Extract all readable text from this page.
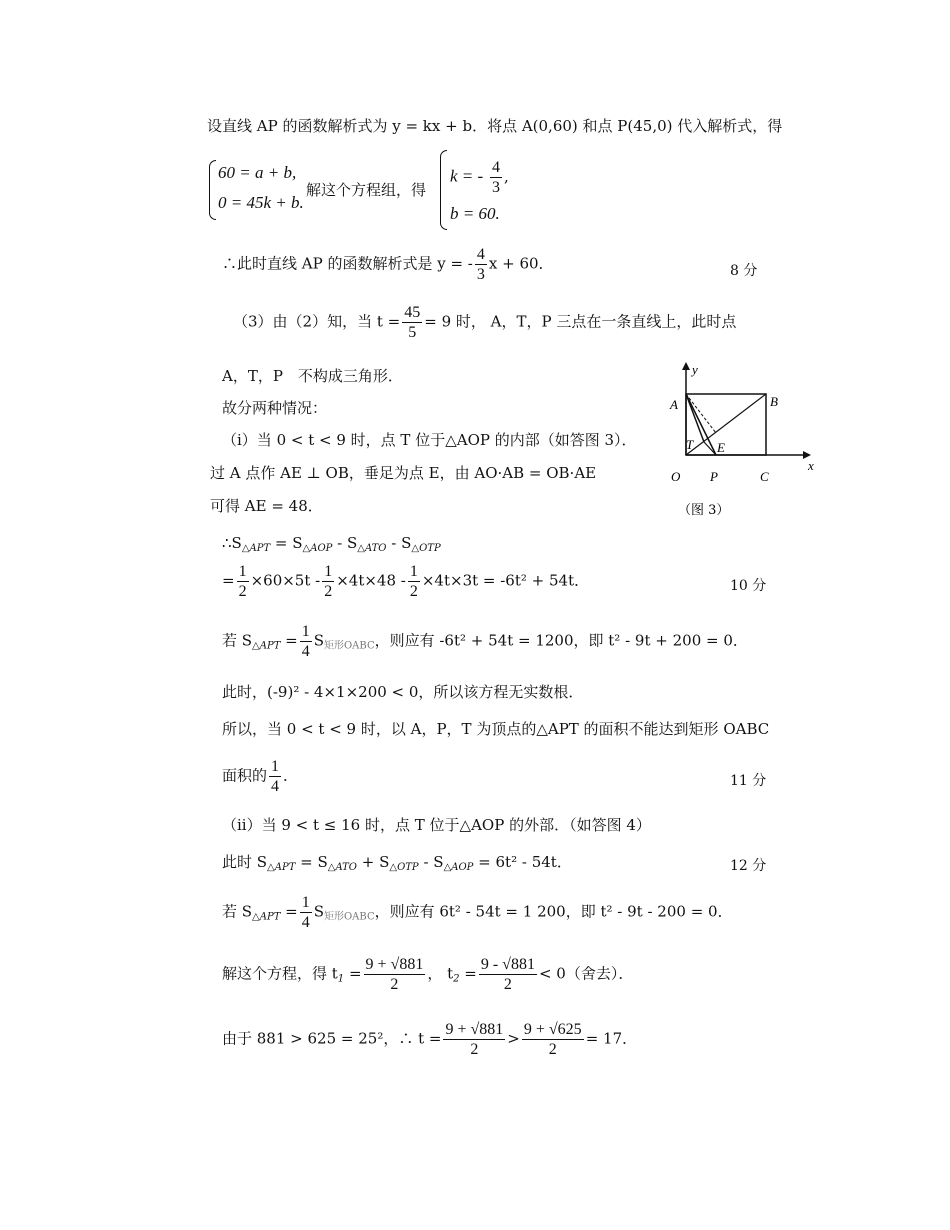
设直线 AP 的函数解析式为 y = kx + b．将点 A(0,60) 和点 P(45,0) 代入解析式，得
60 = a + b,
0 = 45k + b.
解这个方程组，得
k = - $\frac{4}{3}$ ,
b = 60.
∴此时直线 AP 的函数解析式是 y = - $\frac{4}{3}$ x + 60．	8 分
（3）由（2）知，当 $t = \frac{45}{5} = 9$ 时， A，T，P 三点在一条直线上，此时点
A，T，P　不构成三角形．
故分两种情况：
（i）当 0 < t < 9 时，点 T 位于△AOP 的内部（如答图 3）．
过 A 点作 AE ⊥ OB，垂足为点 E，由 AO·AB = OB·AE
可得 AE = 48．
$\therefore S_{\triangle APT} = S_{\triangle AOP} - S_{\triangle ATO} - S_{\triangle OTP}$
= $\frac{1}{2} \times 60\times 5t - \frac{1}{2} \times 4t\times 48 - \frac{1}{2} \times 4t\times 3t = -6t^2 + 54t$．	10 分
若 $S_{\triangle APT} = \frac{1}{4} S_{矩形OABC}$，则应有 -6t² + 54t = 1200，即 t² - 9t + 200 = 0．
此时，(-9)² - 4×1×200 < 0，所以该方程无实数根．
所以，当 0 < t < 9 时，以 A，P，T 为顶点的△APT 的面积不能达到矩形 OABC
面积的 $\frac{1}{4}$ ．	11 分
（ii）当 9 < t ≤ 16 时，点 T 位于△AOP 的外部．（如答图 4）
此时 $S_{\triangle APT} = S_{\triangle ATO} + S_{\triangle OTP} - S_{\triangle AOP} = 6t^2 - 54t$．	12 分
若 $S_{\triangle APT} = \frac{1}{4} S_{矩形OABC}$，则应有 6t² - 54t = 1 200，即 t² - 9t - 200 = 0．
解这个方程，得 $t_1 = \frac{9 + √881}{2}$ ， $t_2 = \frac{9 - √881}{2} < 0$（舍去）．
由于 881 > 625 = 25²，∴ $t = \frac{9 + √881}{2} > \frac{9 + √625}{2} = 17$．
y
x
A	B
O P	C
T E
（图 3）
